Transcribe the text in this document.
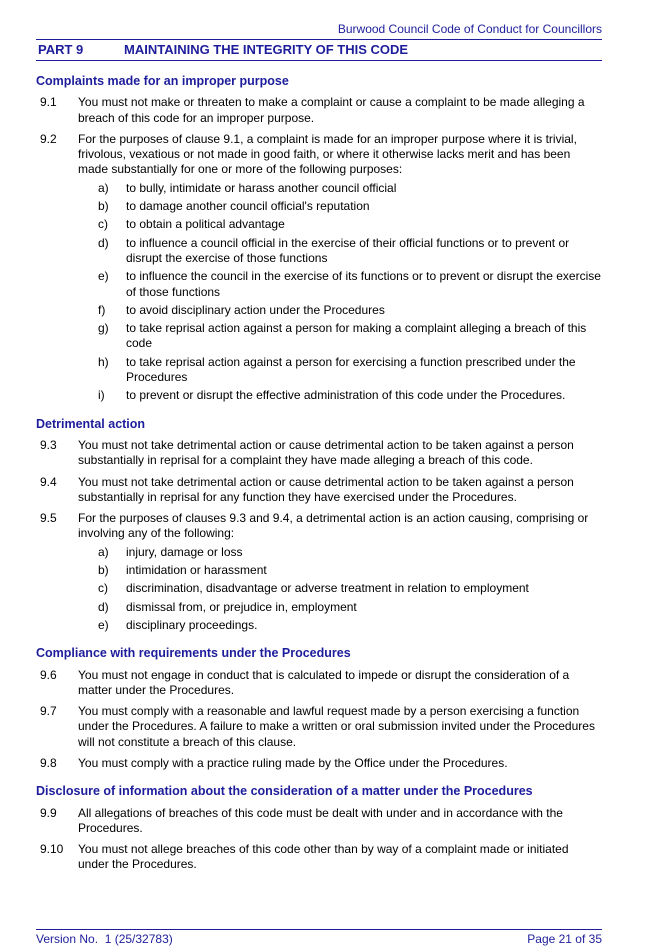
Burwood Council Code of Conduct for Councillors
PART 9	MAINTAINING THE INTEGRITY OF THIS CODE
Complaints made for an improper purpose
9.1	You must not make or threaten to make a complaint or cause a complaint to be made alleging a breach of this code for an improper purpose.
9.2	For the purposes of clause 9.1, a complaint is made for an improper purpose where it is trivial, frivolous, vexatious or not made in good faith, or where it otherwise lacks merit and has been made substantially for one or more of the following purposes:
a)	to bully, intimidate or harass another council official
b)	to damage another council official's reputation
c)	to obtain a political advantage
d)	to influence a council official in the exercise of their official functions or to prevent or disrupt the exercise of those functions
e)	to influence the council in the exercise of its functions or to prevent or disrupt the exercise of those functions
f)	to avoid disciplinary action under the Procedures
g)	to take reprisal action against a person for making a complaint alleging a breach of this code
h)	to take reprisal action against a person for exercising a function prescribed under the Procedures
i)	to prevent or disrupt the effective administration of this code under the Procedures.
Detrimental action
9.3	You must not take detrimental action or cause detrimental action to be taken against a person substantially in reprisal for a complaint they have made alleging a breach of this code.
9.4	You must not take detrimental action or cause detrimental action to be taken against a person substantially in reprisal for any function they have exercised under the Procedures.
9.5	For the purposes of clauses 9.3 and 9.4, a detrimental action is an action causing, comprising or involving any of the following:
a)	injury, damage or loss
b)	intimidation or harassment
c)	discrimination, disadvantage or adverse treatment in relation to employment
d)	dismissal from, or prejudice in, employment
e)	disciplinary proceedings.
Compliance with requirements under the Procedures
9.6	You must not engage in conduct that is calculated to impede or disrupt the consideration of a matter under the Procedures.
9.7	You must comply with a reasonable and lawful request made by a person exercising a function under the Procedures. A failure to make a written or oral submission invited under the Procedures will not constitute a breach of this clause.
9.8	You must comply with a practice ruling made by the Office under the Procedures.
Disclosure of information about the consideration of a matter under the Procedures
9.9	All allegations of breaches of this code must be dealt with under and in accordance with the Procedures.
9.10	You must not allege breaches of this code other than by way of a complaint made or initiated under the Procedures.
Version No.  1 (25/32783)	Page 21 of 35
